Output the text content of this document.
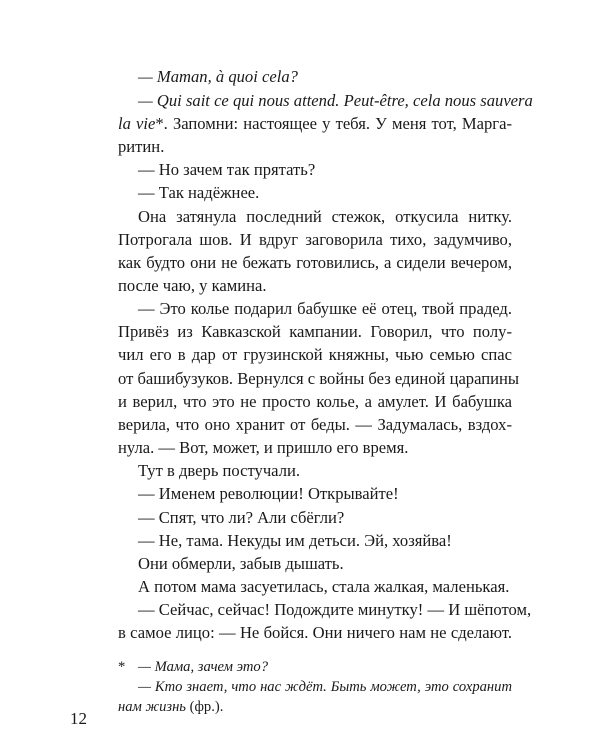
— Maman, à quoi cela?

— Qui sait ce qui nous attend. Peut-être, cela nous sauvera

la vie*. Запомни: настоящее у тебя. У меня тот, Марга-

ритин.

— Но зачем так прятать?

— Так надёжнее.

Она затянула последний стежок, откусила нитку.

Потрогала шов. И вдруг заговорила тихо, задумчиво,

как будто они не бежать готовились, а сидели вечером,

после чаю, у камина.

— Это колье подарил бабушке её отец, твой прадед.

Привёз из Кавказской кампании. Говорил, что полу-

чил его в дар от грузинской княжны, чью семью спас

от башибузуков. Вернулся с войны без единой царапины

и верил, что это не просто колье, а амулет. И бабушка

верила, что оно хранит от беды. — Задумалась, вздох-

нула. — Вот, может, и пришло его время.

Тут в дверь постучали.

— Именем революции! Открывайте!

— Спят, что ли? Али сбёгли?

— Не, тама. Некуды им детьси. Эй, хозяйва!

Они обмерли, забыв дышать.

А потом мама засуетилась, стала жалкая, маленькая.

— Сейчас, сейчас! Подождите минутку! — И шёпотом,

в самое лицо: — Не бойся. Они ничего нам не сделают.

* — Мама, зачем это?

— Кто знает, что нас ждёт. Быть может, это сохранит

нам жизнь (фр.).

12
